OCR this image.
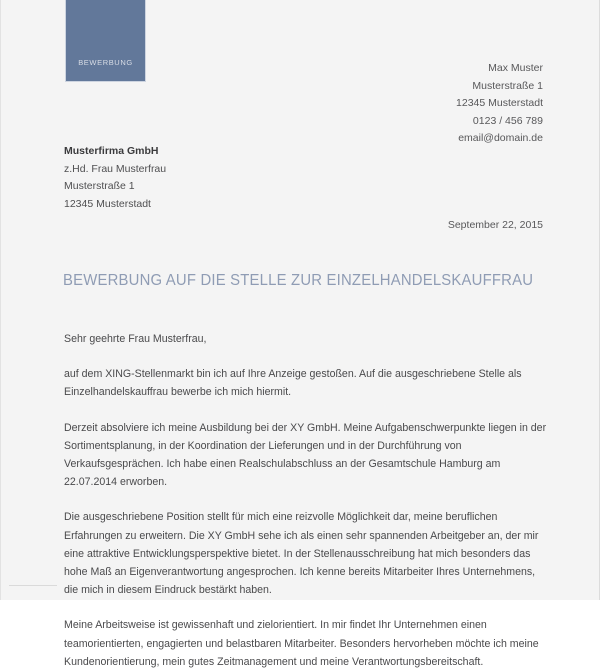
BEWERBUNG	Max Muster
Musterstraße 1
12345 Musterstadt
0123 / 456 789
email@domain.de
Musterfirma GmbH
z.Hd. Frau Musterfrau
Musterstraße 1
12345 Musterstadt
September 22, 2015
BEWERBUNG AUF DIE STELLE ZUR EINZELHANDELSKAUFFRAU

Sehr geehrte Frau Musterfrau,

auf dem XING-Stellenmarkt bin ich auf Ihre Anzeige gestoßen. Auf die ausgeschriebene Stelle als Einzelhandelskauffrau bewerbe ich mich hiermit.

Derzeit absolviere ich meine Ausbildung bei der XY GmbH. Meine Aufgabenschwerpunkte liegen in der Sortimentsplanung, in der Koordination der Lieferungen und in der Durchführung von Verkaufsgesprächen. Ich habe einen Realschulabschluss an der Gesamtschule Hamburg am 22.07.2014 erworben.

Die ausgeschriebene Position stellt für mich eine reizvolle Möglichkeit dar, meine beruflichen Erfahrungen zu erweitern. Die XY GmbH sehe ich als einen sehr spannenden Arbeitgeber an, der mir eine attraktive Entwicklungsperspektive bietet. In der Stellenausschreibung hat mich besonders das hohe Maß an Eigenverantwortung angesprochen. Ich kenne bereits Mitarbeiter Ihres Unternehmens, die mich in diesem Eindruck bestärkt haben.

Meine Arbeitsweise ist gewissenhaft und zielorientiert. In mir findet Ihr Unternehmen einen teamorientierten, engagierten und belastbaren Mitarbeiter. Besonders hervorheben möchte ich meine Kundenorientierung, mein gutes Zeitmanagement und meine Verantwortungsbereitschaft.
